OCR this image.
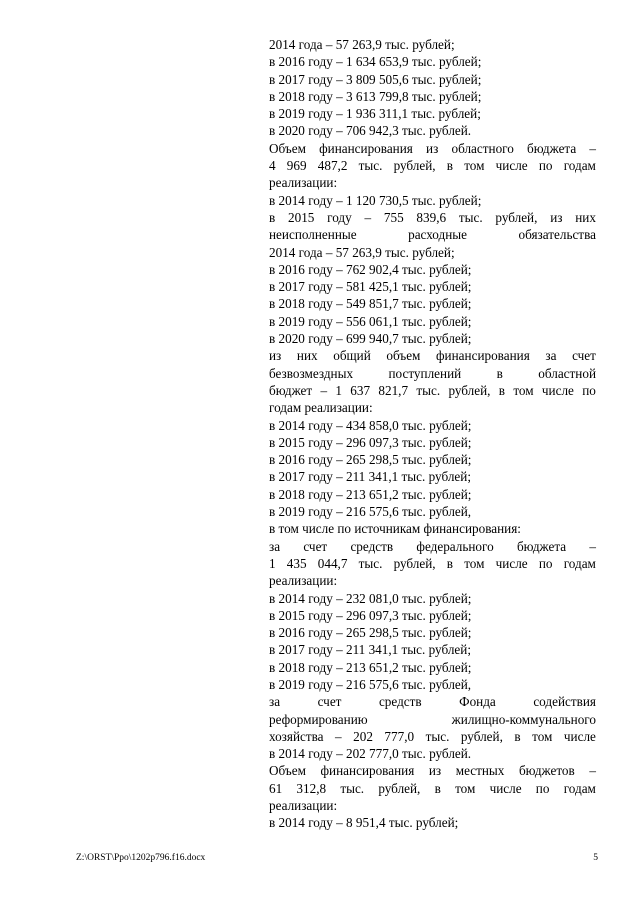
2014 года – 57 263,9 тыс. рублей;
в 2016 году – 1 634 653,9 тыс. рублей;
в 2017 году – 3 809 505,6 тыс. рублей;
в 2018 году – 3 613 799,8 тыс. рублей;
в 2019 году – 1 936 311,1 тыс. рублей;
в 2020 году – 706 942,3 тыс. рублей.
Объем финансирования из областного бюджета –
4 969 487,2 тыс. рублей, в том числе по годам
реализации:
в 2014 году – 1 120 730,5 тыс. рублей;
в 2015 году – 755 839,6 тыс. рублей, из них
неисполненные	расходные	обязательства
2014 года – 57 263,9 тыс. рублей;
в 2016 году – 762 902,4 тыс. рублей;
в 2017 году – 581 425,1 тыс. рублей;
в 2018 году – 549 851,7 тыс. рублей;
в 2019 году – 556 061,1 тыс. рублей;
в 2020 году – 699 940,7 тыс. рублей;
из них общий объем финансирования за счет
безвозмездных	поступлений	в	областной
бюджет – 1 637 821,7 тыс. рублей, в том числе по
годам реализации:
в 2014 году – 434 858,0 тыс. рублей;
в 2015 году – 296 097,3 тыс. рублей;
в 2016 году – 265 298,5 тыс. рублей;
в 2017 году – 211 341,1 тыс. рублей;
в 2018 году – 213 651,2 тыс. рублей;
в 2019 году – 216 575,6 тыс. рублей,
в том числе по источникам финансирования:
за счет средств федерального бюджета –
1 435 044,7 тыс. рублей, в том числе по годам
реализации:
в 2014 году – 232 081,0 тыс. рублей;
в 2015 году – 296 097,3 тыс. рублей;
в 2016 году – 265 298,5 тыс. рублей;
в 2017 году – 211 341,1 тыс. рублей;
в 2018 году – 213 651,2 тыс. рублей;
в 2019 году – 216 575,6 тыс. рублей,
за	счет	средств	Фонда	содействия
реформированию	жилищно-коммунального
хозяйства – 202 777,0 тыс. рублей, в том числе
в 2014 году – 202 777,0 тыс. рублей.
Объем финансирования из местных бюджетов –
61 312,8 тыс. рублей, в том числе по годам
реализации:
в 2014 году – 8 951,4 тыс. рублей;
Z:\ORST\Ppo\1202p796.f16.docx	5
